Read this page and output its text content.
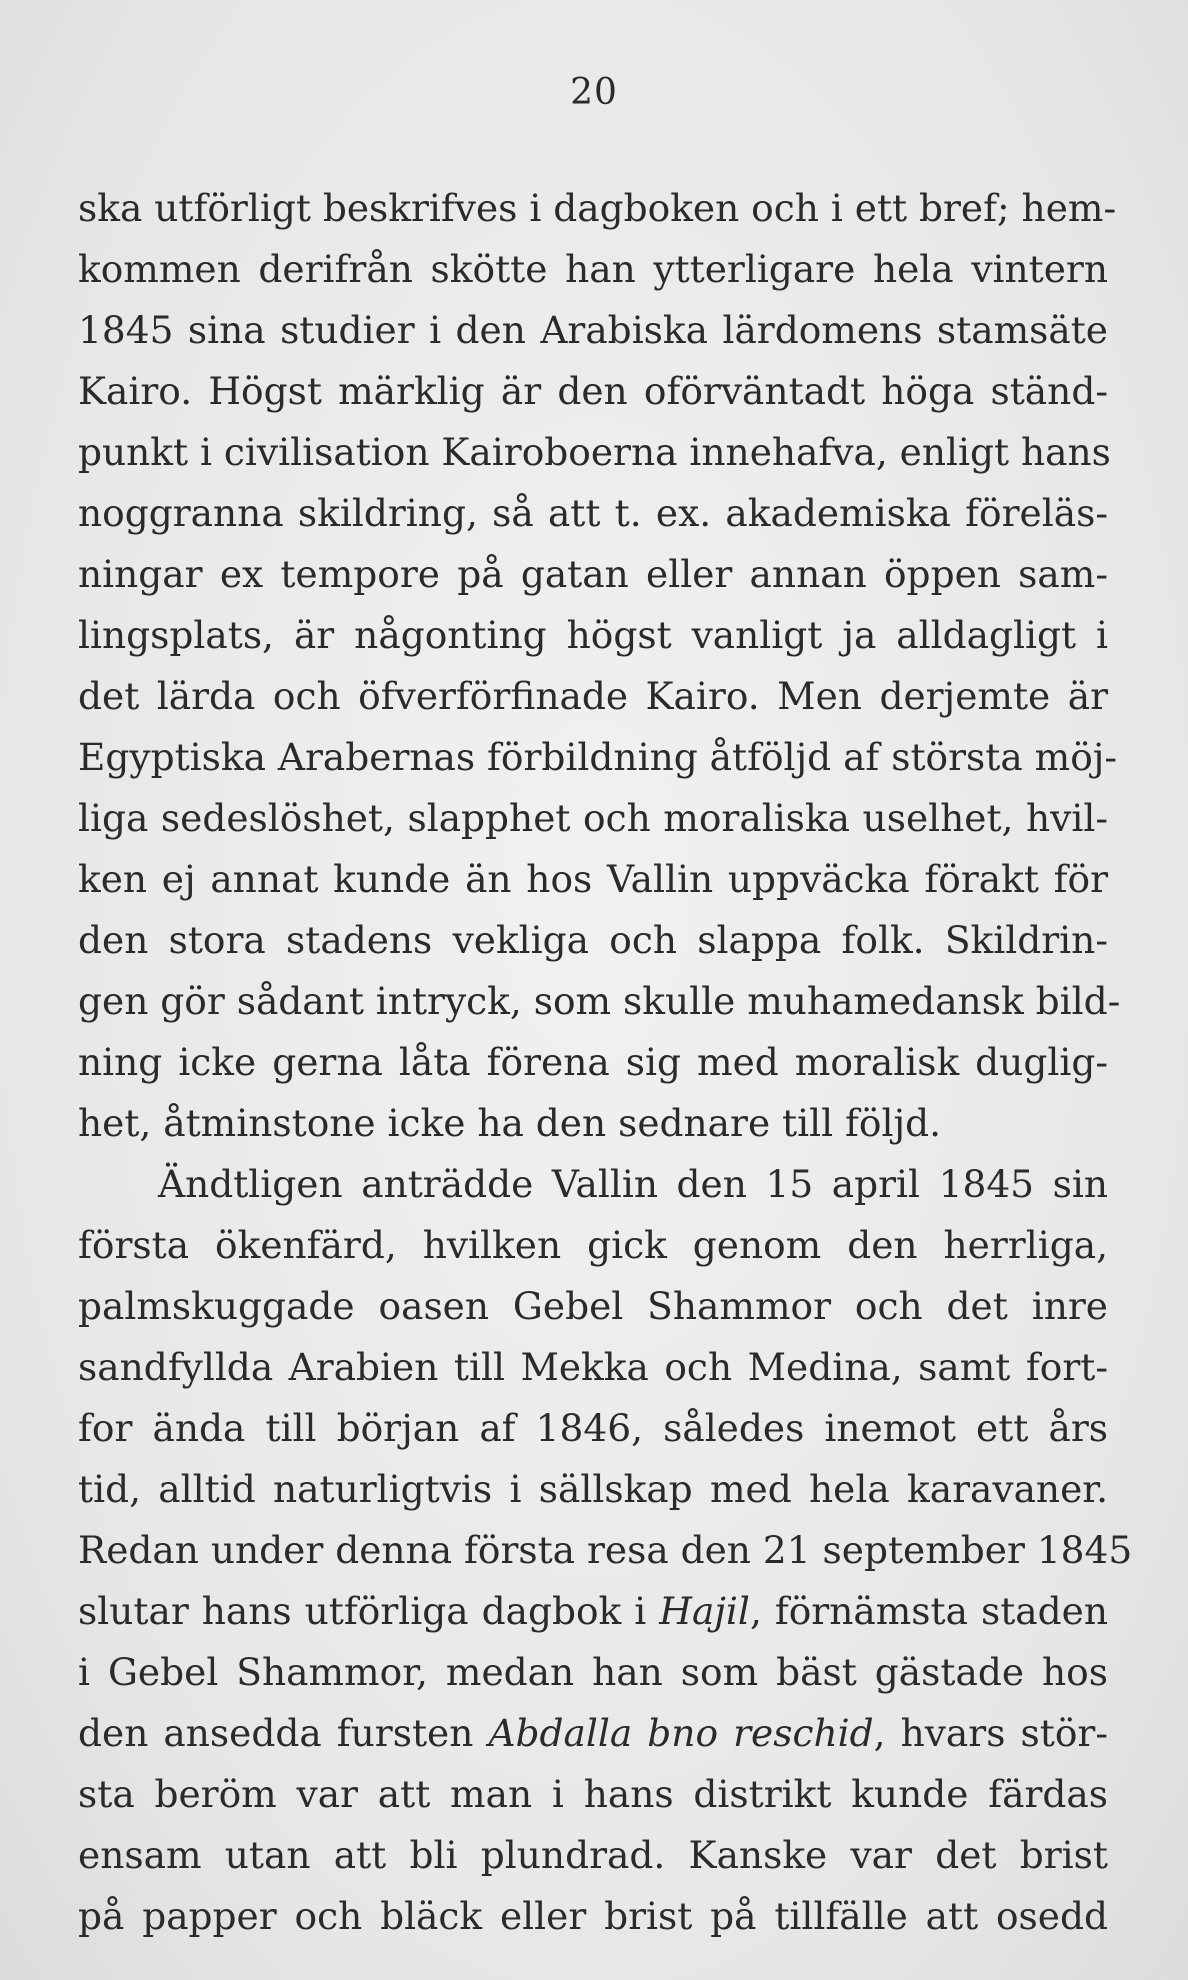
20
ska utförligt beskrifves i dagboken och i ett bref; hem-
kommen derifrån skötte han ytterligare hela vintern
1845 sina studier i den Arabiska lärdomens stamsäte
Kairo. Högst märklig är den oförväntadt höga ständ-
punkt i civilisation Kairoboerna innehafva, enligt hans
noggranna skildring, så att t. ex. akademiska föreläs-
ningar ex tempore på gatan eller annan öppen sam-
lingsplats, är någonting högst vanligt ja alldagligt i
det lärda och öfverförfinade Kairo. Men derjemte är
Egyptiska Arabernas förbildning åtföljd af största möj-
liga sedeslöshet, slapphet och moraliska uselhet, hvil-
ken ej annat kunde än hos Vallin uppväcka förakt för
den stora stadens vekliga och slappa folk. Skildrin-
gen gör sådant intryck, som skulle muhamedansk bild-
ning icke gerna låta förena sig med moralisk duglig-
het, åtminstone icke ha den sednare till följd.
Ändtligen anträdde Vallin den 15 april 1845 sin
första ökenfärd, hvilken gick genom den herrliga,
palmskuggade oasen Gebel Shammor och det inre
sandfyllda Arabien till Mekka och Medina, samt fort-
for ända till början af 1846, således inemot ett års
tid, alltid naturligtvis i sällskap med hela karavaner.
Redan under denna första resa den 21 september 1845
slutar hans utförliga dagbok i Hajil, förnämsta staden
i Gebel Shammor, medan han som bäst gästade hos
den ansedda fursten Abdalla bno reschid, hvars stör-
sta beröm var att man i hans distrikt kunde färdas
ensam utan att bli plundrad. Kanske var det brist
på papper och bläck eller brist på tillfälle att osedd
